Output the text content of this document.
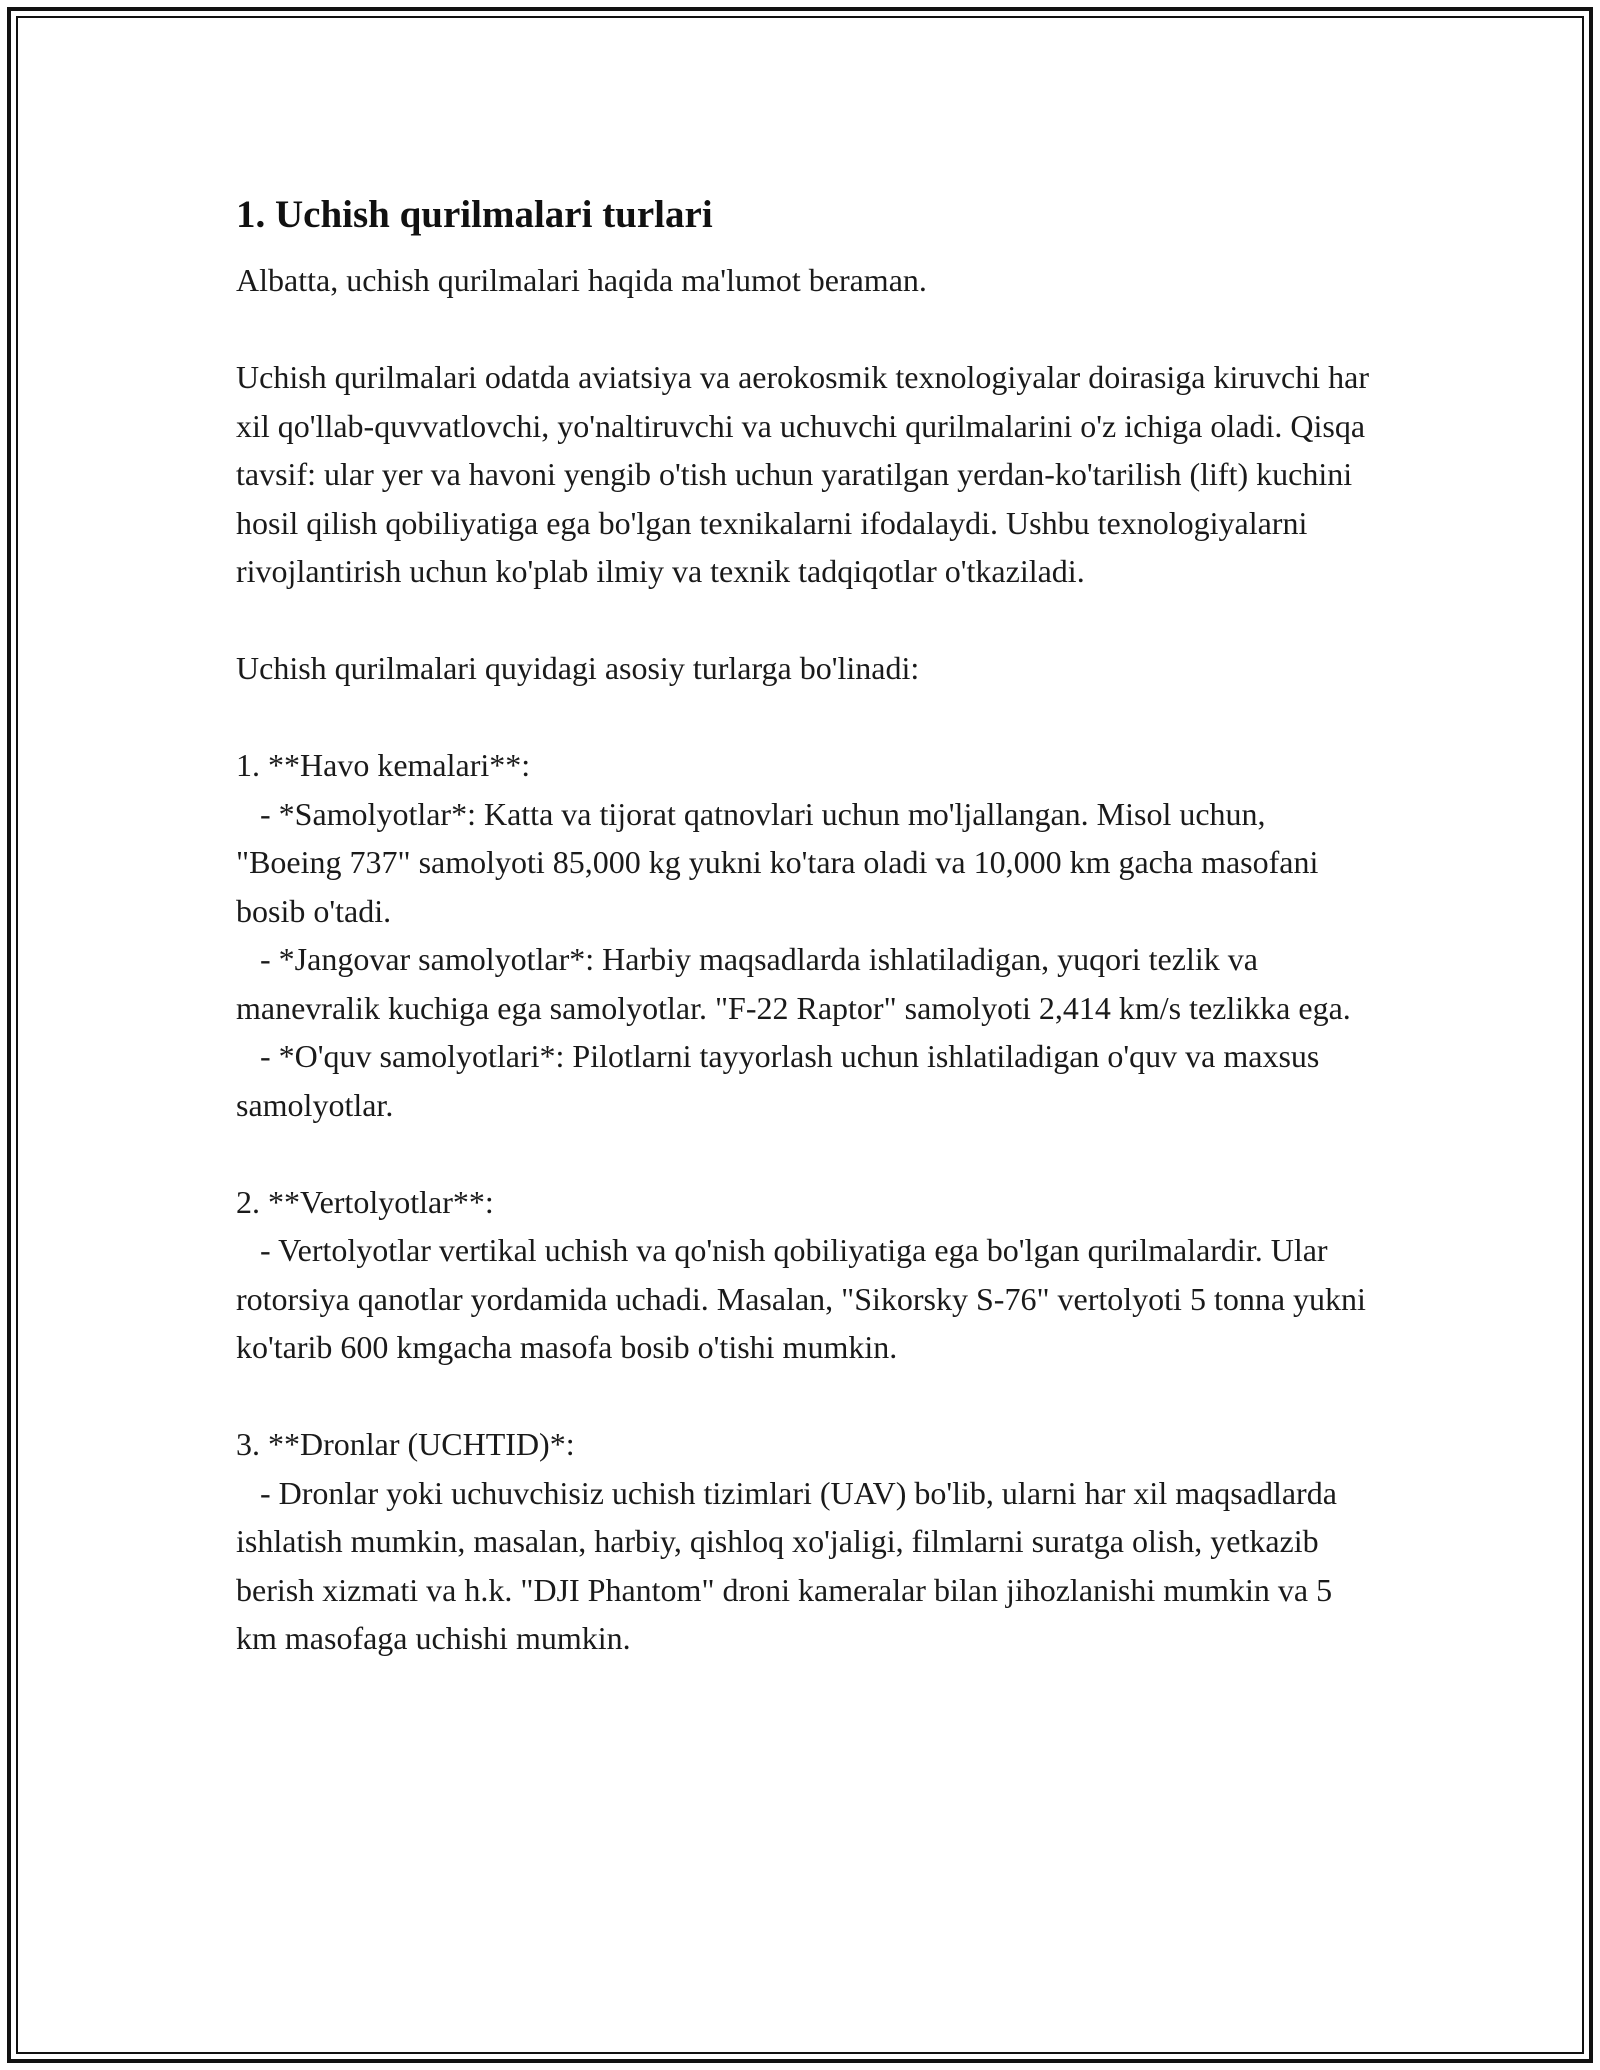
1. Uchish qurilmalari turlari

Albatta, uchish qurilmalari haqida ma'lumot beraman.

Uchish qurilmalari odatda aviatsiya va aerokosmik texnologiyalar doirasiga kiruvchi har xil qo'llab-quvvatlovchi, yo'naltiruvchi va uchuvchi qurilmalarini o'z ichiga oladi. Qisqa tavsif: ular yer va havoni yengib o'tish uchun yaratilgan yerdan-ko'tarilish (lift) kuchini hosil qilish qobiliyatiga ega bo'lgan texnikalarni ifodalaydi. Ushbu texnologiyalarni rivojlantirish uchun ko'plab ilmiy va texnik tadqiqotlar o'tkaziladi.

Uchish qurilmalari quyidagi asosiy turlarga bo'linadi:

1. **Havo kemalari**:

- *Samolyotlar*: Katta va tijorat qatnovlari uchun mo'ljallangan. Misol uchun, "Boeing 737" samolyoti 85,000 kg yukni ko'tara oladi va 10,000 km gacha masofani bosib o'tadi.

- *Jangovar samolyotlar*: Harbiy maqsadlarda ishlatiladigan, yuqori tezlik va manevralik kuchiga ega samolyotlar. "F-22 Raptor" samolyoti 2,414 km/s tezlikka ega.

- *O'quv samolyotlari*: Pilotlarni tayyorlash uchun ishlatiladigan o'quv va maxsus samolyotlar.

2. **Vertolyotlar**:

- Vertolyotlar vertikal uchish va qo'nish qobiliyatiga ega bo'lgan qurilmalardir. Ular rotorsiya qanotlar yordamida uchadi. Masalan, "Sikorsky S-76" vertolyoti 5 tonna yukni ko'tarib 600 kmgacha masofa bosib o'tishi mumkin.

3. **Dronlar (UCHTID)*:

- Dronlar yoki uchuvchisiz uchish tizimlari (UAV) bo'lib, ularni har xil maqsadlarda ishlatish mumkin, masalan, harbiy, qishloq xo'jaligi, filmlarni suratga olish, yetkazib berish xizmati va h.k. "DJI Phantom" droni kameralar bilan jihozlanishi mumkin va 5 km masofaga uchishi mumkin.
